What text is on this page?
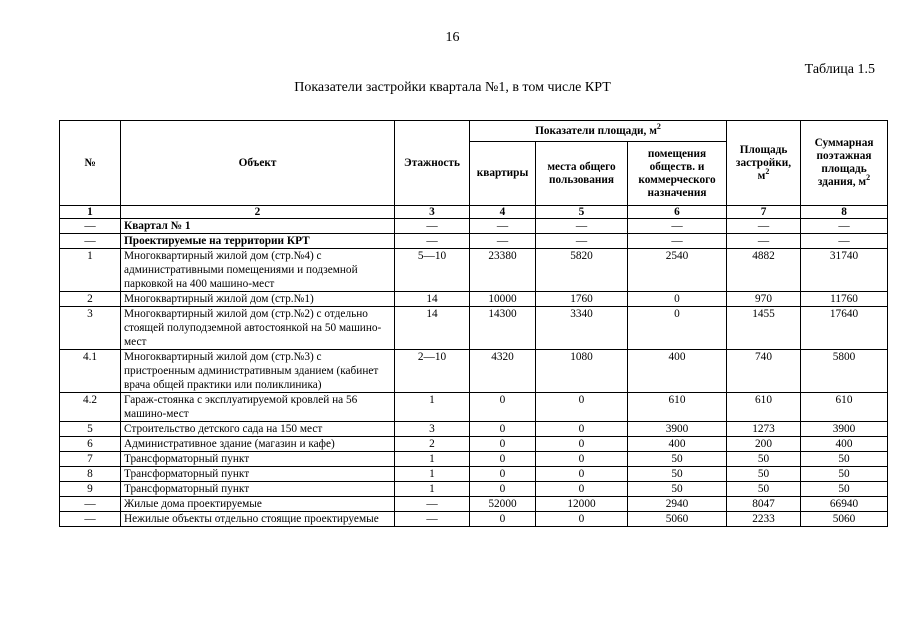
16
Таблица 1.5
Показатели застройки квартала №1, в том числе КРТ
№	Объект	Этажность	Показатели площади, $м^2$			Площадь застройки, $м^2$	Суммарная поэтажная площадь здания, $м^2$
			квартиры	места общего пользования	помещения обществ. и коммерческого назначения		
1	2	3	4	5	6	7	8
—	Квартал № 1	—	—	—	—	—	—
—	Проектируемые на территории КРТ	—	—	—	—	—	—
1	Многоквартирный жилой дом (стр.№4) с административными помещениями и подземной парковкой на 400 машино-мест	5—10	23380	5820	2540	4882	31740
2	Многоквартирный жилой дом (стр.№1)	14	10000	1760	0	970	11760
3	Многоквартирный жилой дом (стр.№2) с отдельно стоящей полуподземной автостоянкой на 50 машино-мест	14	14300	3340	0	1455	17640
4.1	Многоквартирный жилой дом (стр.№3) с пристроенным административным зданием (кабинет врача общей практики или поликлиника)	2—10	4320	1080	400	740	5800
4.2	Гараж-стоянка с эксплуатируемой кровлей на 56 машино-мест	1	0	0	610	610	610
5	Строительство детского сада на 150 мест	3	0	0	3900	1273	3900
6	Административное здание (магазин и кафе)	2	0	0	400	200	400
7	Трансформаторный пункт	1	0	0	50	50	50
8	Трансформаторный пункт	1	0	0	50	50	50
9	Трансформаторный пункт	1	0	0	50	50	50
—	Жилые дома проектируемые	—	52000	12000	2940	8047	66940
—	Нежилые объекты отдельно стоящие проектируемые	—	0	0	5060	2233	5060
